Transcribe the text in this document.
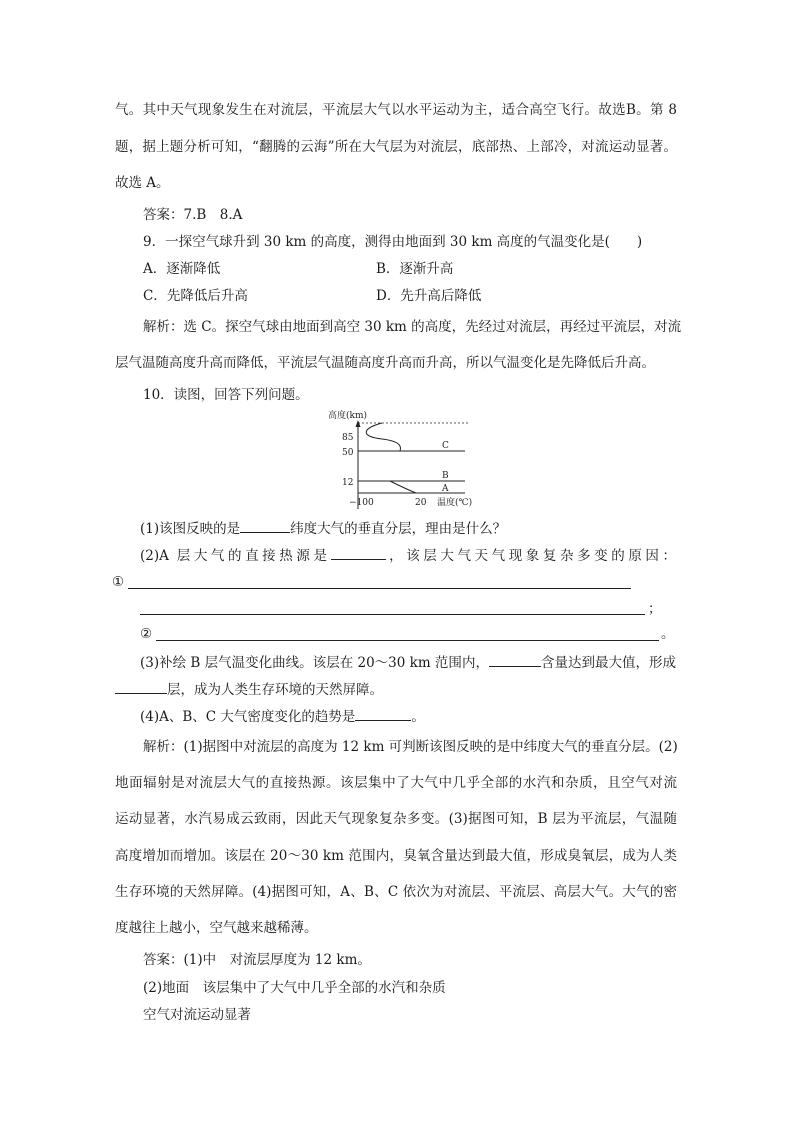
气。其中天气现象发生在对流层，平流层大气以水平运动为主，适合高空飞行。故选B。第 8
题，据上题分析可知，“翻腾的云海”所在大气层为对流层，底部热、上部冷，对流运动显著。
故选 A。
答案：7.B　8.A
9．一探空气球升到 30 km 的高度，测得由地面到 30 km 高度的气温变化是(　　)
A．逐渐降低	B．逐渐升高
C．先降低后升高	D．先升高后降低
解析：选 C。探空气球由地面到高空 30 km 的高度，先经过对流层，再经过平流层，对流
层气温随高度升高而降低，平流层气温随高度升高而升高，所以气温变化是先降低后升高。
10．读图，回答下列问题。
高度(km)
85
50
12
−100	20 温度(℃)
C
B
A
(1)该图反映的是	纬度大气的垂直分层，理由是什么？
(2)A 层大气的直接热源是	，该层大气天气现象复杂多变的原因：
①
；
②	。
(3)补绘 B 层气温变化曲线。该层在 20～30 km 范围内，	含量达到最大值，形成
层，成为人类生存环境的天然屏障。
(4)A、B、C 大气密度变化的趋势是	。
解析：(1)据图中对流层的高度为 12 km 可判断该图反映的是中纬度大气的垂直分层。(2)
地面辐射是对流层大气的直接热源。该层集中了大气中几乎全部的水汽和杂质，且空气对流
运动显著，水汽易成云致雨，因此天气现象复杂多变。(3)据图可知，B 层为平流层，气温随
高度增加而增加。该层在 20～30 km 范围内，臭氧含量达到最大值，形成臭氧层，成为人类
生存环境的天然屏障。(4)据图可知，A、B、C 依次为对流层、平流层、高层大气。大气的密
度越往上越小，空气越来越稀薄。
答案：(1)中　对流层厚度为 12 km。
(2)地面　该层集中了大气中几乎全部的水汽和杂质
空气对流运动显著
